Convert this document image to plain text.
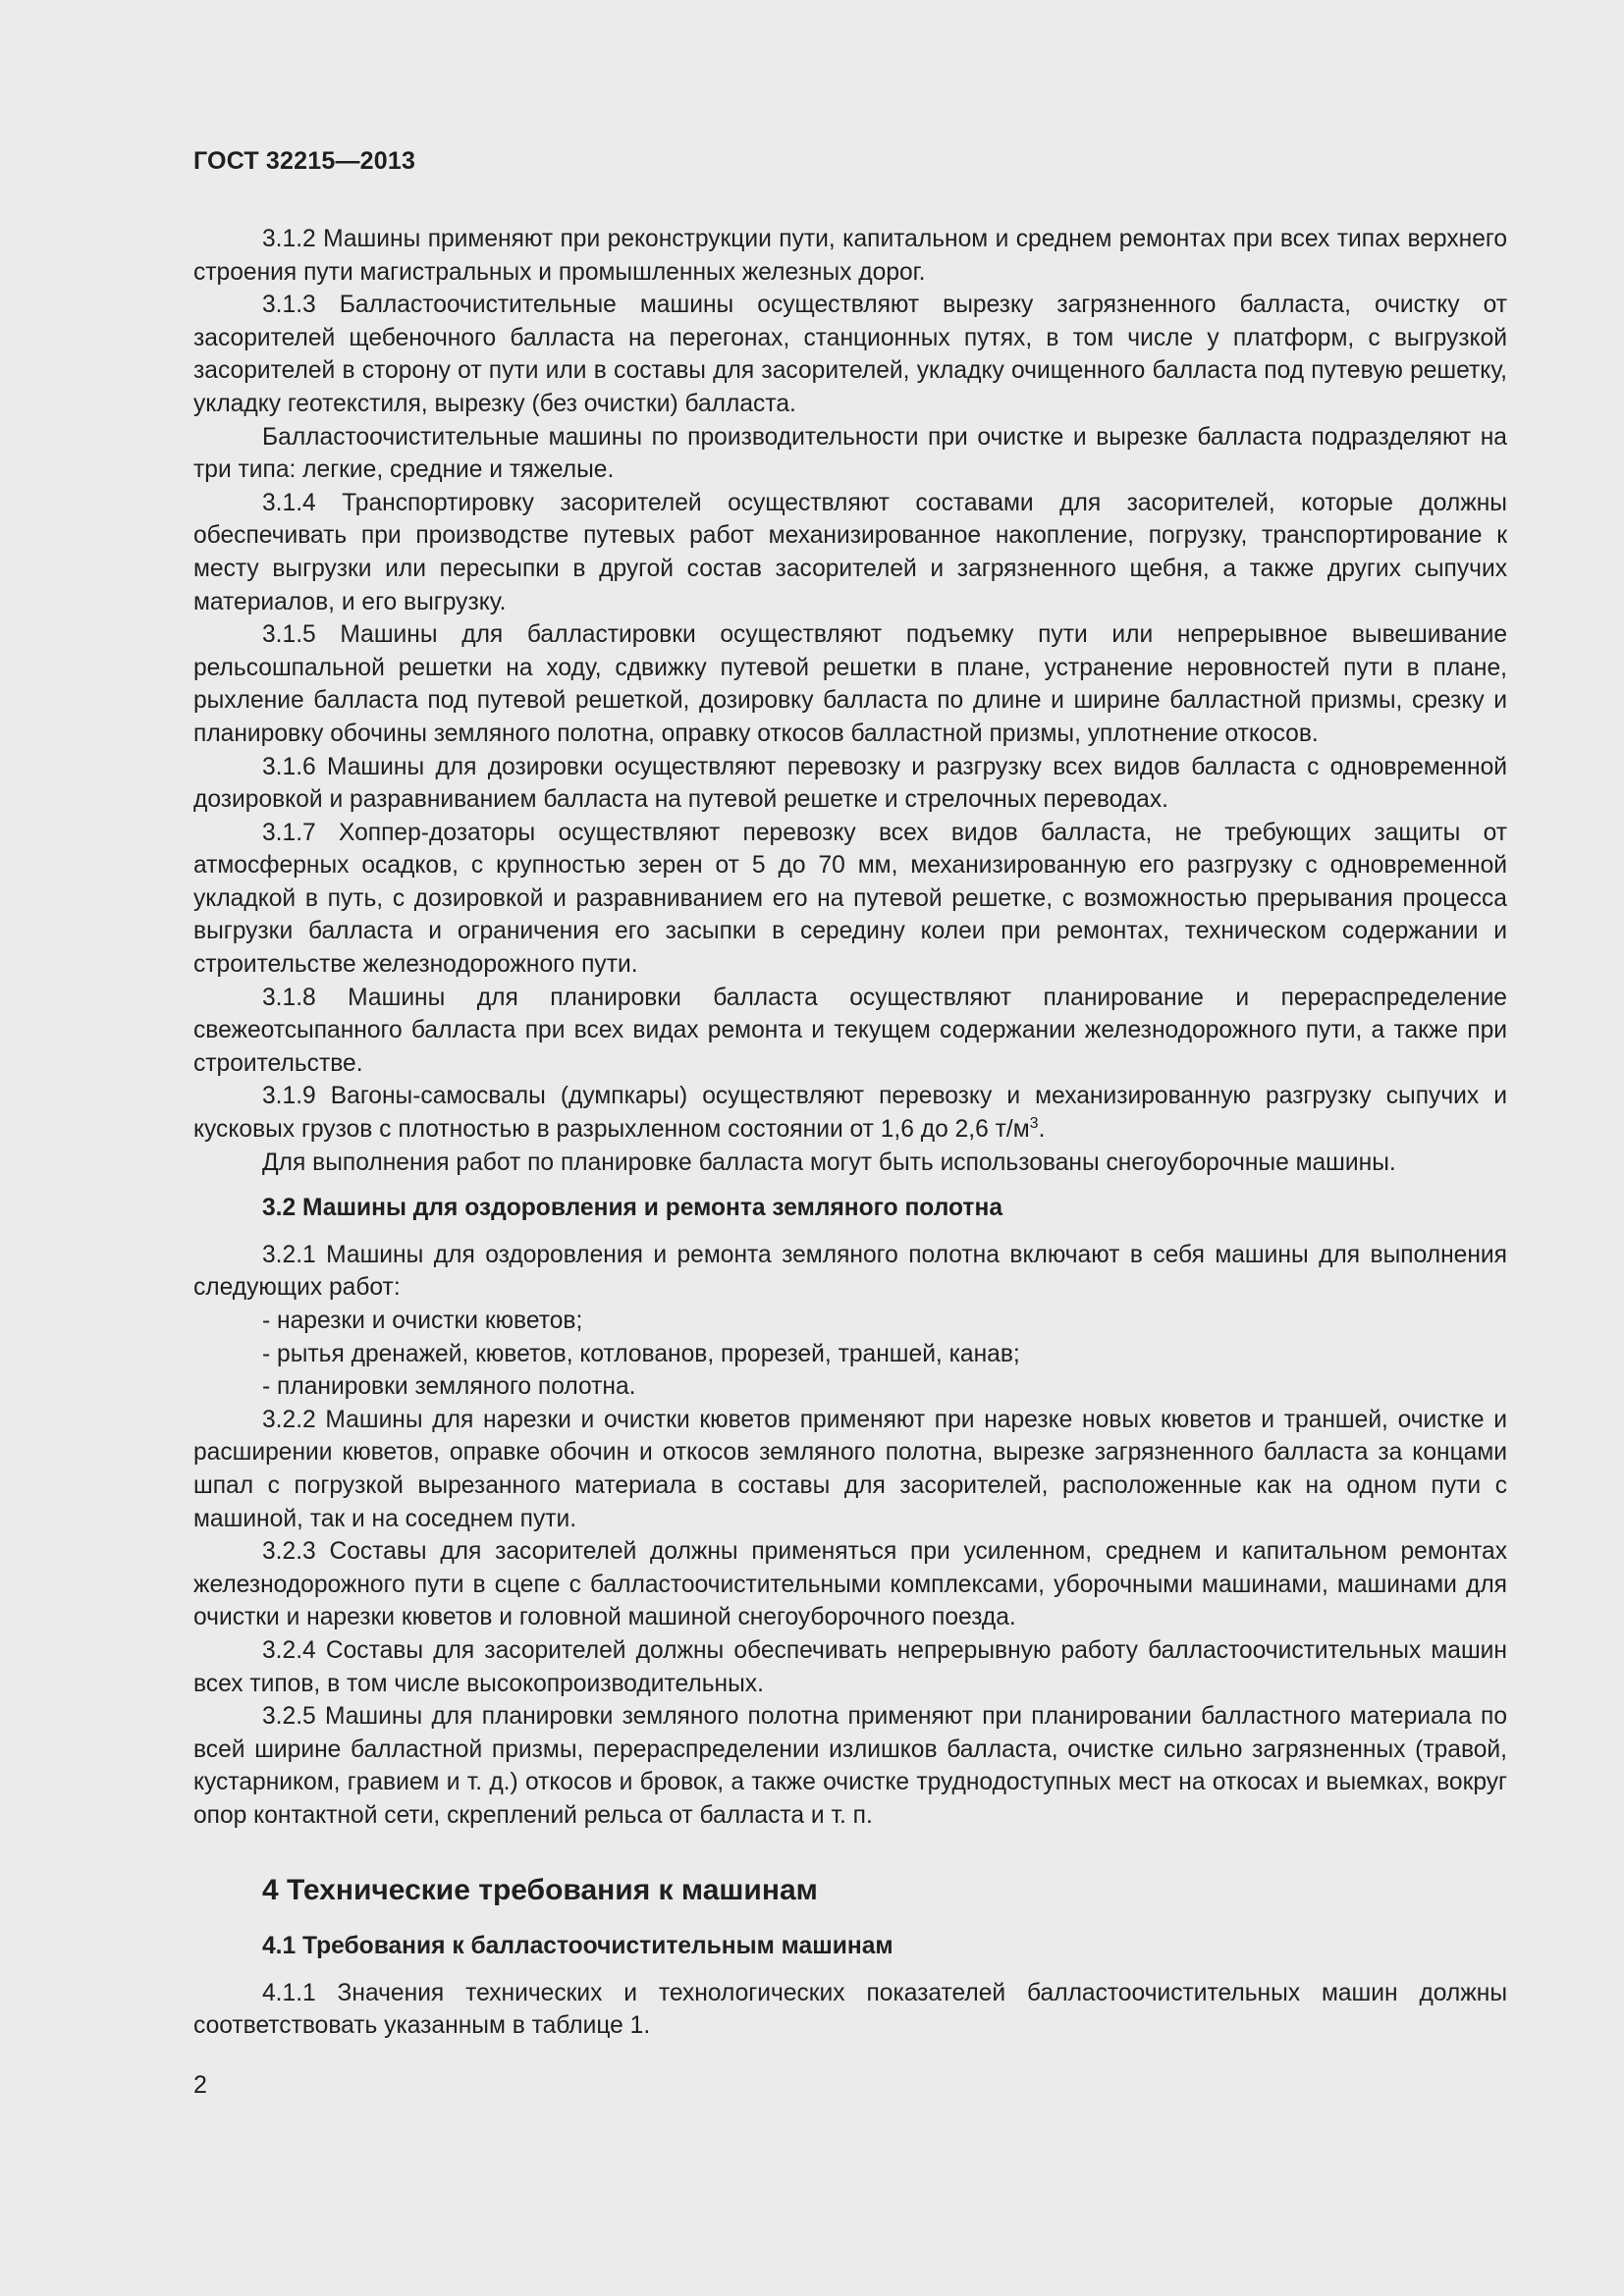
ГОСТ 32215—2013

3.1.2 Машины применяют при реконструкции пути, капитальном и среднем ремонтах при всех типах верхнего строения пути магистральных и промышленных железных дорог.

3.1.3 Балластоочистительные машины осуществляют вырезку загрязненного балласта, очистку от засорителей щебеночного балласта на перегонах, станционных путях, в том числе у платформ, с выгрузкой засорителей в сторону от пути или в составы для засорителей, укладку очищенного балласта под путевую решетку, укладку геотекстиля, вырезку (без очистки) балласта.

Балластоочистительные машины по производительности при очистке и вырезке балласта подразделяют на три типа: легкие, средние и тяжелые.

3.1.4 Транспортировку засорителей осуществляют составами для засорителей, которые должны обеспечивать при производстве путевых работ механизированное накопление, погрузку, транспортирование к месту выгрузки или пересыпки в другой состав засорителей и загрязненного щебня, а также других сыпучих материалов, и его выгрузку.

3.1.5 Машины для балластировки осуществляют подъемку пути или непрерывное вывешивание рельсошпальной решетки на ходу, сдвижку путевой решетки в плане, устранение неровностей пути в плане, рыхление балласта под путевой решеткой, дозировку балласта по длине и ширине балластной призмы, срезку и планировку обочины земляного полотна, оправку откосов балластной призмы, уплотнение откосов.

3.1.6 Машины для дозировки осуществляют перевозку и разгрузку всех видов балласта с одновременной дозировкой и разравниванием балласта на путевой решетке и стрелочных переводах.

3.1.7 Хоппер-дозаторы осуществляют перевозку всех видов балласта, не требующих защиты от атмосферных осадков, с крупностью зерен от 5 до 70 мм, механизированную его разгрузку с одновременной укладкой в путь, с дозировкой и разравниванием его на путевой решетке, с возможностью прерывания процесса выгрузки балласта и ограничения его засыпки в середину колеи при ремонтах, техническом содержании и строительстве железнодорожного пути.

3.1.8 Машины для планировки балласта осуществляют планирование и перераспределение свежеотсыпанного балласта при всех видах ремонта и текущем содержании железнодорожного пути, а также при строительстве.

3.1.9 Вагоны-самосвалы (думпкары) осуществляют перевозку и механизированную разгрузку сыпучих и кусковых грузов с плотностью в разрыхленном состоянии от 1,6 до 2,6 $т/м^3$.

Для выполнения работ по планировке балласта могут быть использованы снегоуборочные машины.

3.2 Машины для оздоровления и ремонта земляного полотна

3.2.1 Машины для оздоровления и ремонта земляного полотна включают в себя машины для выполнения следующих работ:

- нарезки и очистки кюветов;

- рытья дренажей, кюветов, котлованов, прорезей, траншей, канав;

- планировки земляного полотна.

3.2.2 Машины для нарезки и очистки кюветов применяют при нарезке новых кюветов и траншей, очистке и расширении кюветов, оправке обочин и откосов земляного полотна, вырезке загрязненного балласта за концами шпал с погрузкой вырезанного материала в составы для засорителей, расположенные как на одном пути с машиной, так и на соседнем пути.

3.2.3 Составы для засорителей должны применяться при усиленном, среднем и капитальном ремонтах железнодорожного пути в сцепе с балластоочистительными комплексами, уборочными машинами, машинами для очистки и нарезки кюветов и головной машиной снегоуборочного поезда.

3.2.4 Составы для засорителей должны обеспечивать непрерывную работу балластоочистительных машин всех типов, в том числе высокопроизводительных.

3.2.5 Машины для планировки земляного полотна применяют при планировании балластного материала по всей ширине балластной призмы, перераспределении излишков балласта, очистке сильно загрязненных (травой, кустарником, гравием и т. д.) откосов и бровок, а также очистке труднодоступных мест на откосах и выемках, вокруг опор контактной сети, скреплений рельса от балласта и т. п.

4 Технические требования к машинам
4.1 Требования к балластоочистительным машинам

4.1.1 Значения технических и технологических показателей балластоочистительных машин должны соответствовать указанным в таблице 1.

2
